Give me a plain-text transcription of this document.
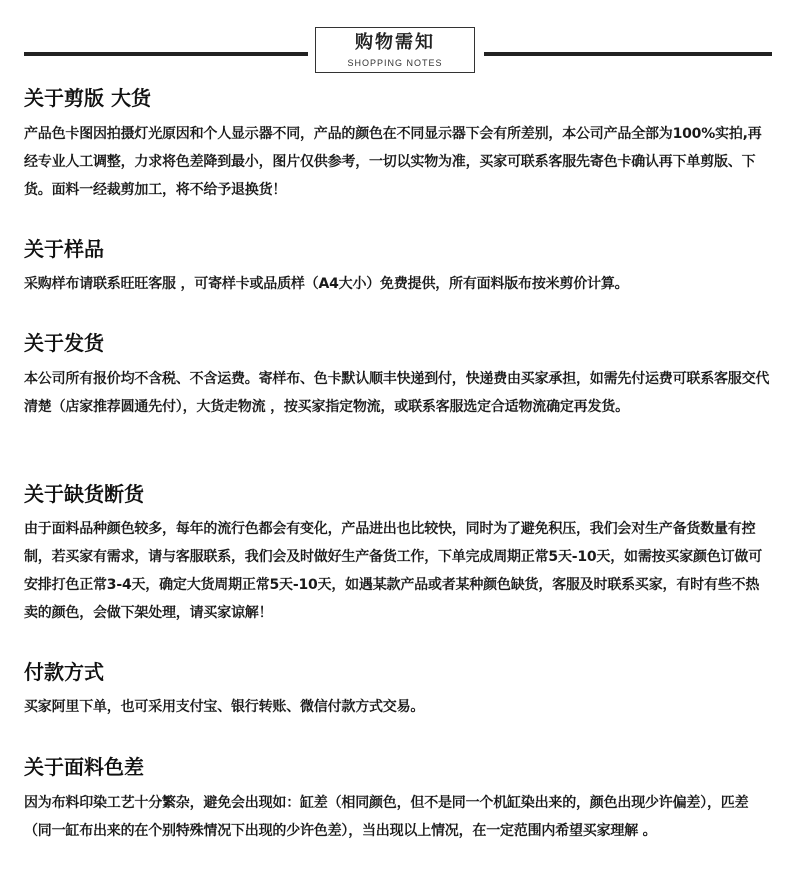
购物需知
SHOPPING NOTES
关于剪版 大货

产品色卡图因拍摄灯光原因和个人显示器不同，产品的颜色在不同显示器下会有所差别，本公司产品全部为100%实拍,再经专业人工调整，力求将色差降到最小，图片仅供参考，一切以实物为准，买家可联系客服先寄色卡确认再下单剪版、下货。面料一经裁剪加工，将不给予退换货！

关于样品

采购样布请联系旺旺客服 ，可寄样卡或品质样（A4大小）免费提供，所有面料版布按米剪价计算。

关于发货

本公司所有报价均不含税、不含运费。寄样布、色卡默认顺丰快递到付，快递费由买家承担，如需先付运费可联系客服交代清楚（店家推荐圆通先付），大货走物流 ，按买家指定物流，或联系客服选定合适物流确定再发货。

关于缺货断货

由于面料品种颜色较多，每年的流行色都会有变化，产品进出也比较快，同时为了避免积压，我们会对生产备货数量有控制，若买家有需求，请与客服联系，我们会及时做好生产备货工作，下单完成周期正常5天-10天，如需按买家颜色订做可安排打色正常3-4天，确定大货周期正常5天-10天，如遇某款产品或者某种颜色缺货，客服及时联系买家，有时有些不热卖的颜色，会做下架处理，请买家谅解！

付款方式

买家阿里下单，也可采用支付宝、银行转账、微信付款方式交易。

关于面料色差

因为布料印染工艺十分繁杂，避免会出现如：缸差（相同颜色，但不是同一个机缸染出来的，颜色出现少许偏差），匹差（同一缸布出来的在个别特殊情况下出现的少许色差），当出现以上情况，在一定范围内希望买家理解 。
